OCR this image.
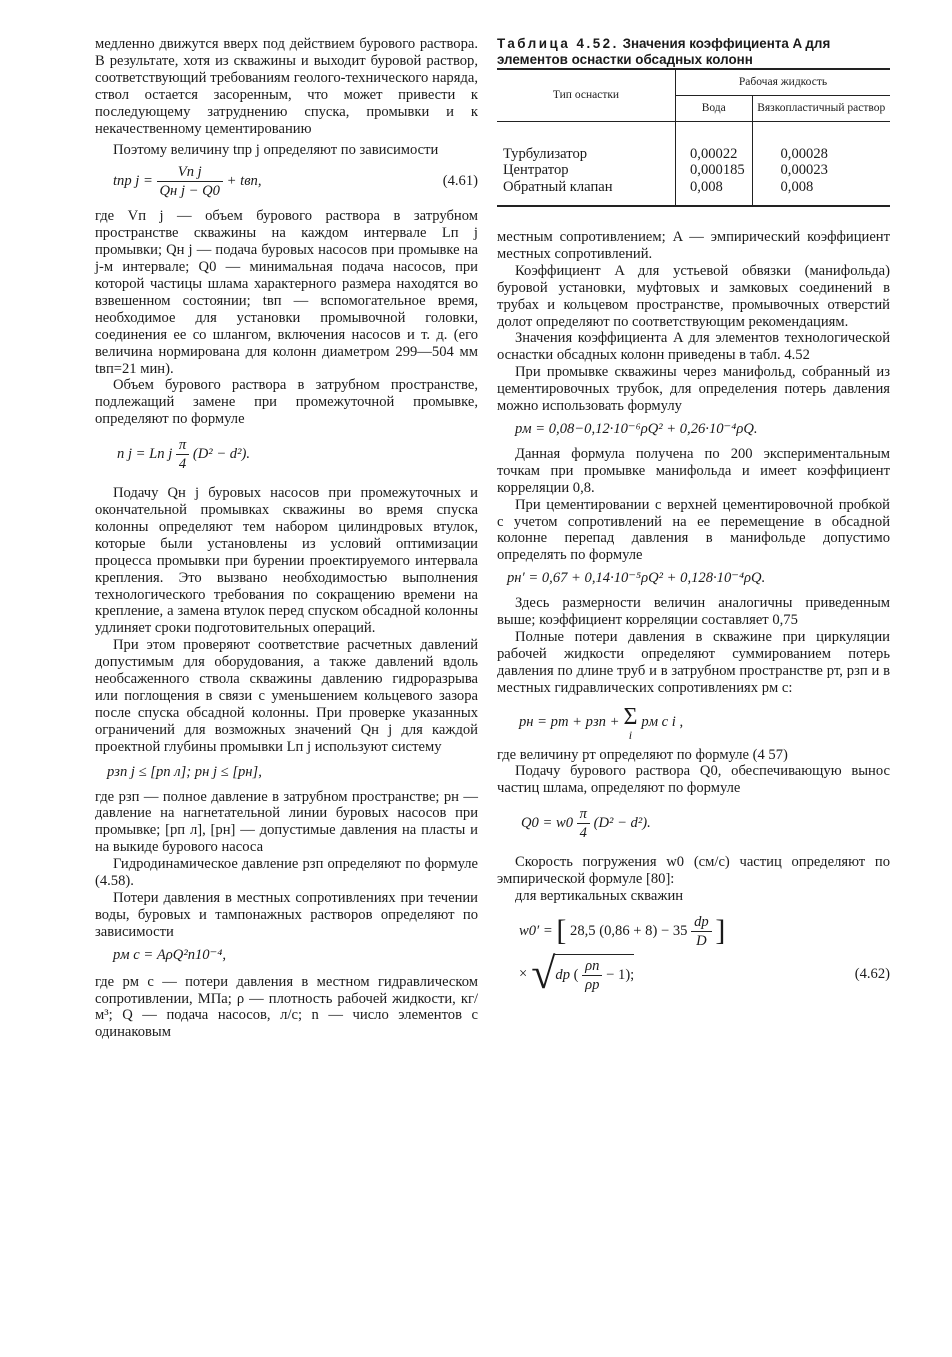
медленно движутся вверх под действием бурового раствора. В результате, хотя из скважины и выходит буровой раствор, соответствующий требованиям геолого-технического наряда, ствол остается засоренным, что может привести к последующему затруднению спуска, промывки и к некачественному цементированию

Поэтому величину tпр j определяют по зависимости

tпр $j = \frac{\text{Vп j}}{\text{Qн j − Q0}}$ + tвп,	(4.61)

где Vп j — объем бурового раствора в затрубном пространстве скважины на каждом интервале Lп j промывки; Qн j — подача буровых насосов при промывке на j-м интервале; Q0 — минимальная подача насосов, при которой частицы шлама характерного размера находятся во взвешенном состоянии; tвп — вспомогательное время, необходимое для установки промывочной головки, соединения ее со шлангом, включения насосов и т. д. (его величина нормирована для колонн диаметром 299—504 мм tвп=21 мин).

Объем бурового раствора в затрубном пространстве, подлежащий замене при промежуточной промывке, определяют по формуле

п j = Lп j $\frac{\pi}{4} (D^2 - d^2)$.

Подачу Qн j буровых насосов при промежуточных и окончательной промывках скважины во время спуска колонны определяют тем набором цилиндровых втулок, которые были установлены из условий оптимизации процесса промывки при бурении проектируемого интервала крепления. Это вызвано необходимостью выполнения технологического требования по сокращению времени на крепление, а замена втулок перед спуском обсадной колонны удлиняет сроки подготовительных операций.

При этом проверяют соответствие расчетных давлений допустимым для оборудования, а также давлений вдоль необсаженного ствола скважины давлению гидроразрыва или поглощения в связи с уменьшением кольцевого зазора после спуска обсадной колонны. При проверке указанных ограничений для возможных значений Qн j для каждой проектной глубины промывки Lп j используют систему

pзп j ≤ [pп л]; pн j ≤ [pн],

где pзп — полное давление в затрубном пространстве; pн — давление на нагнетательной линии буровых насосов при промывке; [pп л], [pн] — допустимые давления на пласты и на выкиде бурового насоса

Гидродинамическое давление pзп определяют по формуле (4.58).

Потери давления в местных сопротивлениях при течении воды, буровых и тампонажных растворов определяют по зависимости

pм с = AρQ²n10⁻⁴,

где pм с — потери давления в местном гидравлическом сопротивлении, МПа; ρ — плотность рабочей жидкости, кг/м³; Q — подача насосов, л/с; n — число элементов с одинаковым

Таблица 4.52. Значения коэффициента A для элементов оснастки обсадных колонн

Тип оснастки	Рабочая жидкость	
	Вода	Вязкопластичный раствор

Турбулизатор	0,00022	0,00028
Центратор	0,000185	0,00023
Обратный клапан	0,008	0,008

местным сопротивлением; A — эмпирический коэффициент местных сопротивлений.

Коэффициент A для устьевой обвязки (манифольда) буровой установки, муфтовых и замковых соединений в трубах и кольцевом пространстве, промывочных отверстий долот определяют по соответствующим рекомендациям.

Значения коэффициента A для элементов технологической оснастки обсадных колонн приведены в табл. 4.52

При промывке скважины через манифольд, собранный из цементировочных трубок, для определения потерь давления можно использовать формулу

pм = 0,08−0,12·10⁻⁶ρQ² + 0,26·10⁻⁴ρQ.

Данная формула получена по 200 экспериментальным точкам при промывке манифольда и имеет коэффициент корреляции 0,8.

При цементировании с верхней цементировочной пробкой с учетом сопротивлений на ее перемещение в обсадной колонне перепад давления в манифольде допустимо определять по формуле

pн′ = 0,67 + 0,14·10⁻⁵ρQ² + 0,128·10⁻⁴ρQ.

Здесь размерности величин аналогичны приведенным выше; коэффициент корреляции составляет 0,75

Полные потери давления в скважине при циркуляции рабочей жидкости определяют суммированием потерь давления по длине труб и в затрубном пространстве pт, pзп и в местных гидравлических сопротивлениях pм с:

pн = pт + pзп + Σ
i
pм с i ,

где величину pт определяют по формуле (4 57)

Подачу бурового раствора Q0, обеспечивающую вынос частиц шлама, определяют по формуле

$Q0 = w0 \frac{\pi}{4} (D^2 - d^2)$.

Скорость погружения w0 (см/с) частиц определяют по эмпирической формуле [80]:

для вертикальных скважин

w0′ = [ 28,5 $(0,86 + 8) - 35 \frac{dр}{D}$ ]
× √ dр ( $\frac{\rho п}{\rho р} - 1$);	(4.62)
